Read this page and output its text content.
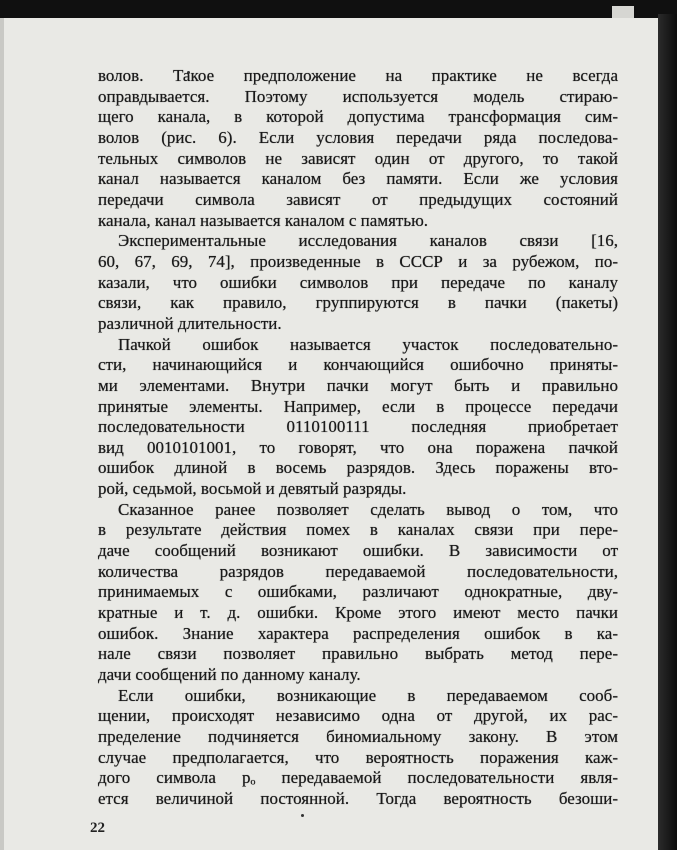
волов. Такое предположение на практике не всегда
оправдывается. Поэтому используется модель стираю-
щего канала, в которой допустима трансформация сим-
волов (рис. 6). Если условия передачи ряда последова-
тельных символов не зависят один от другого, то такой
канал называется каналом без памяти. Если же условия
передачи символа зависят от предыдущих состояний
канала, канал называется каналом с памятью.

Экспериментальные исследования каналов связи [16,
60, 67, 69, 74], произведенные в СССР и за рубежом, по-
казали, что ошибки символов при передаче по каналу
связи, как правило, группируются в пачки (пакеты)
различной длительности.

Пачкой ошибок называется участок последовательно-
сти, начинающийся и кончающийся ошибочно приняты-
ми элементами. Внутри пачки могут быть и правильно
принятые элементы. Например, если в процессе передачи
последовательности 0110100111 последняя приобретает
вид 0010101001, то говорят, что она поражена пачкой
ошибок длиной в восемь разрядов. Здесь поражены вто-
рой, седьмой, восьмой и девятый разряды.

Сказанное ранее позволяет сделать вывод о том, что
в результате действия помех в каналах связи при пере-
даче сообщений возникают ошибки. В зависимости от
количества разрядов передаваемой последовательности,
принимаемых с ошибками, различают однократные, дву-
кратные и т. д. ошибки. Кроме этого имеют место пачки
ошибок. Знание характера распределения ошибок в ка-
нале связи позволяет правильно выбрать метод пере-
дачи сообщений по данному каналу.

Если ошибки, возникающие в передаваемом сооб-
щении, происходят независимо одна от другой, их рас-
пределение подчиняется биномиальному закону. В этом
случае предполагается, что вероятность поражения каж-
дого символа pₒ передаваемой последовательности явля-
ется величиной постоянной. Тогда вероятность безоши-

22
